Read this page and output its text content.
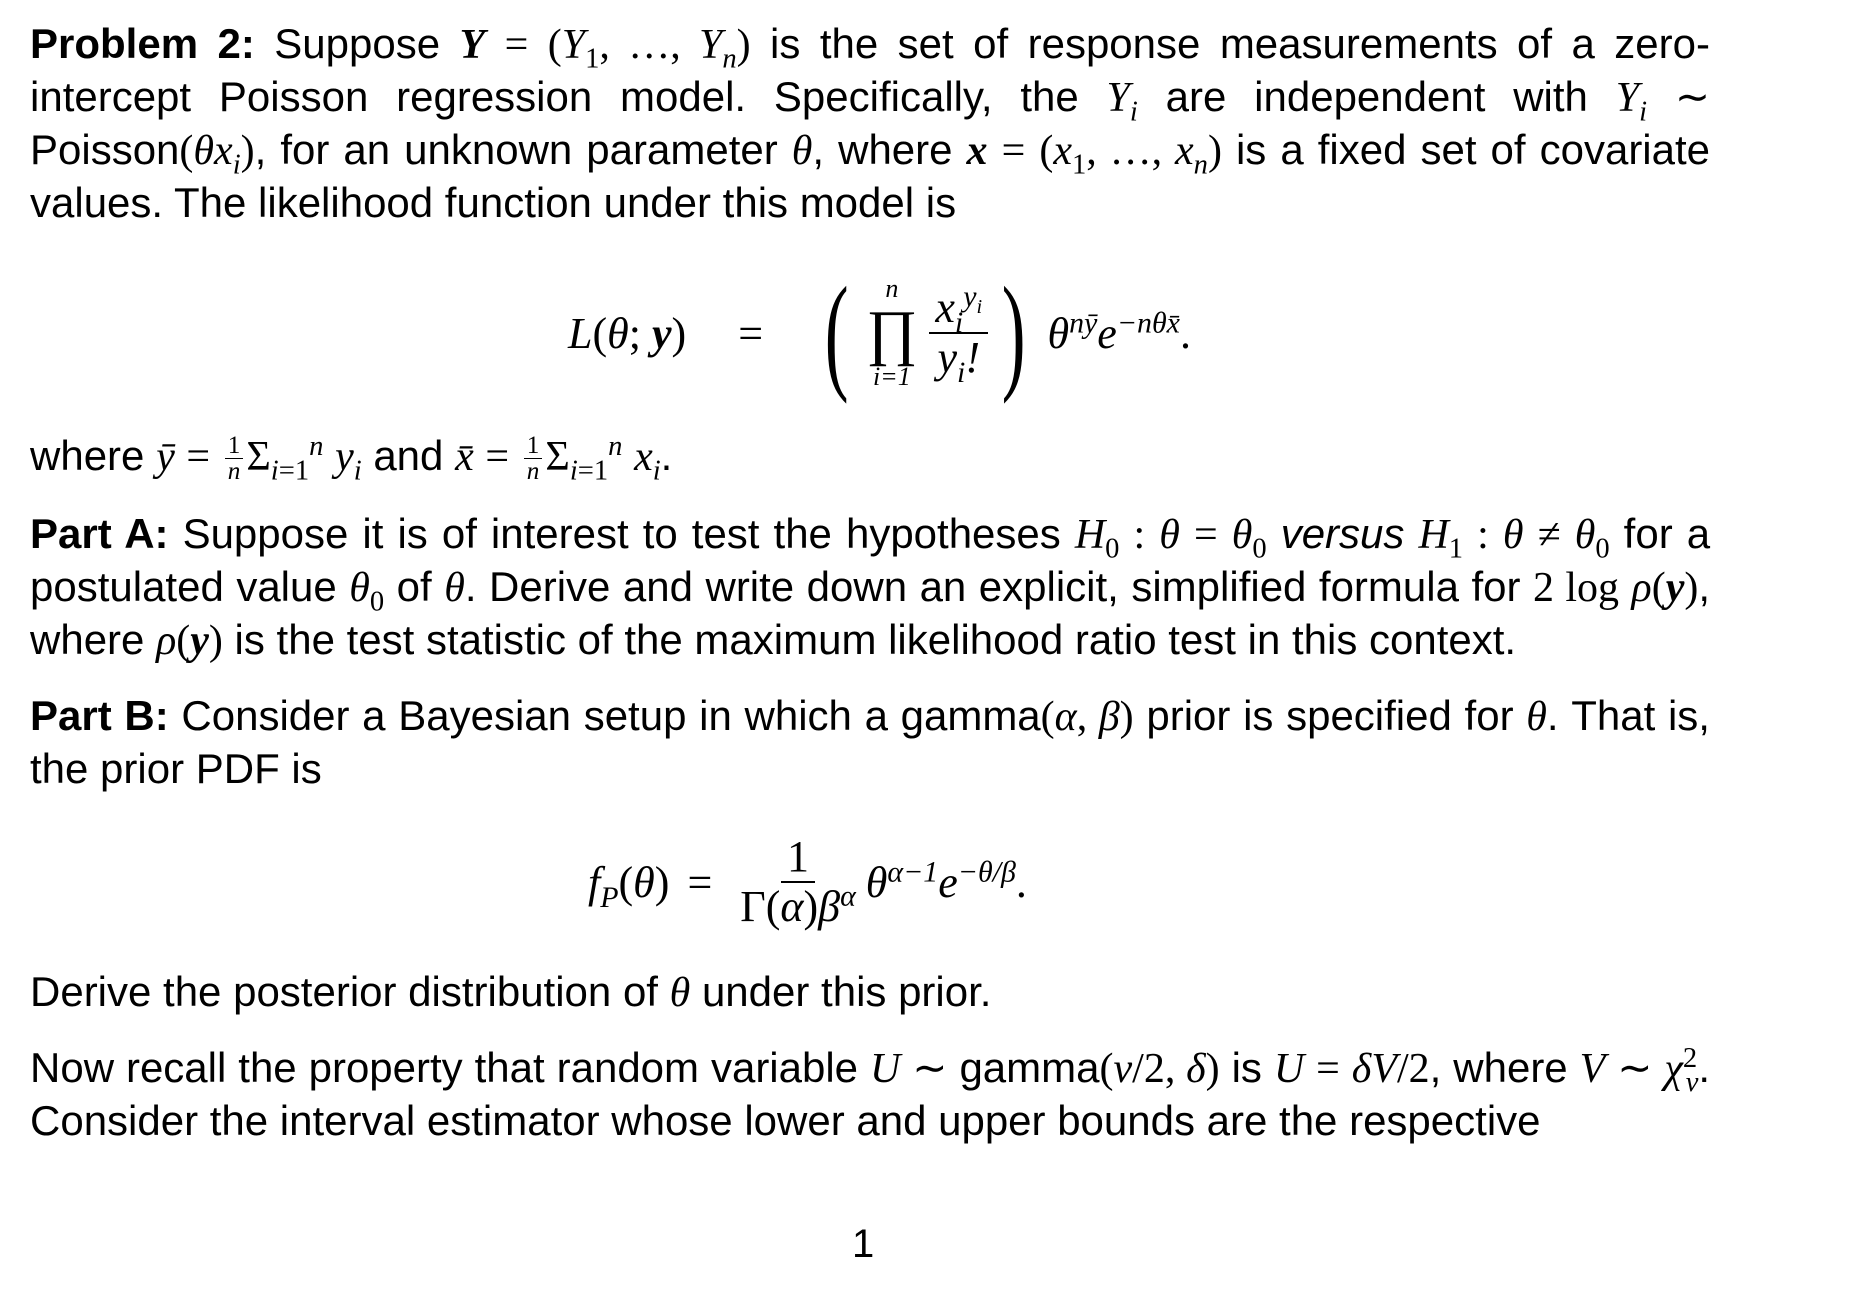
Problem 2: Suppose $Y = (Y_1$, …, $Y_n$) is the set of response measurements of a zero-intercept Poisson regression model. Specifically, the $Y_i$ are independent with $Y_i$ ∼ $Poisson(\theta x_i)$, for an unknown parameter θ, where $x = (x_1$, …, $x_n$) is a fixed set of covariate values. The likelihood function under this model is

L ( θ ; y ) = ( n
∏
$i=1 \frac{x_i^{y_i}}{y_i!}$ ) $\theta^{nȳ}e^{-n\theta x̄}$ .

where ȳ = $\frac{1}{n} \Sigma_{i=1}^n$ $y_i$ and x̄ = $\frac{1}{n} \Sigma_{i=1}^n$ $x_i$.

Part A: Suppose it is of interest to test the hypotheses $H_0$ : $\theta = \theta_0$ versus $H_1$ : $\theta \ne \theta_0$ for a postulated value $\theta_0$ of θ. Derive and write down an explicit, simplified formula for 2 log ρ(y), where ρ(y) is the test statistic of the maximum likelihood ratio test in this context.

Part B: Consider a Bayesian setup in which a gamma(α, β) prior is specified for θ. That is, the prior PDF is

$f_P$ ( θ ) = $\frac{1}{\Gamma(\alpha)\beta^\alpha} \theta^{\alpha-1}e^{-\theta/\beta}$ .

Derive the posterior distribution of θ under this prior.

Now recall the property that random variable U ∼ gamma(ν/2, δ) is U = δV/2, where V ∼ $\chi^2_\nu$. Consider the interval estimator whose lower and upper bounds are the respective

1
